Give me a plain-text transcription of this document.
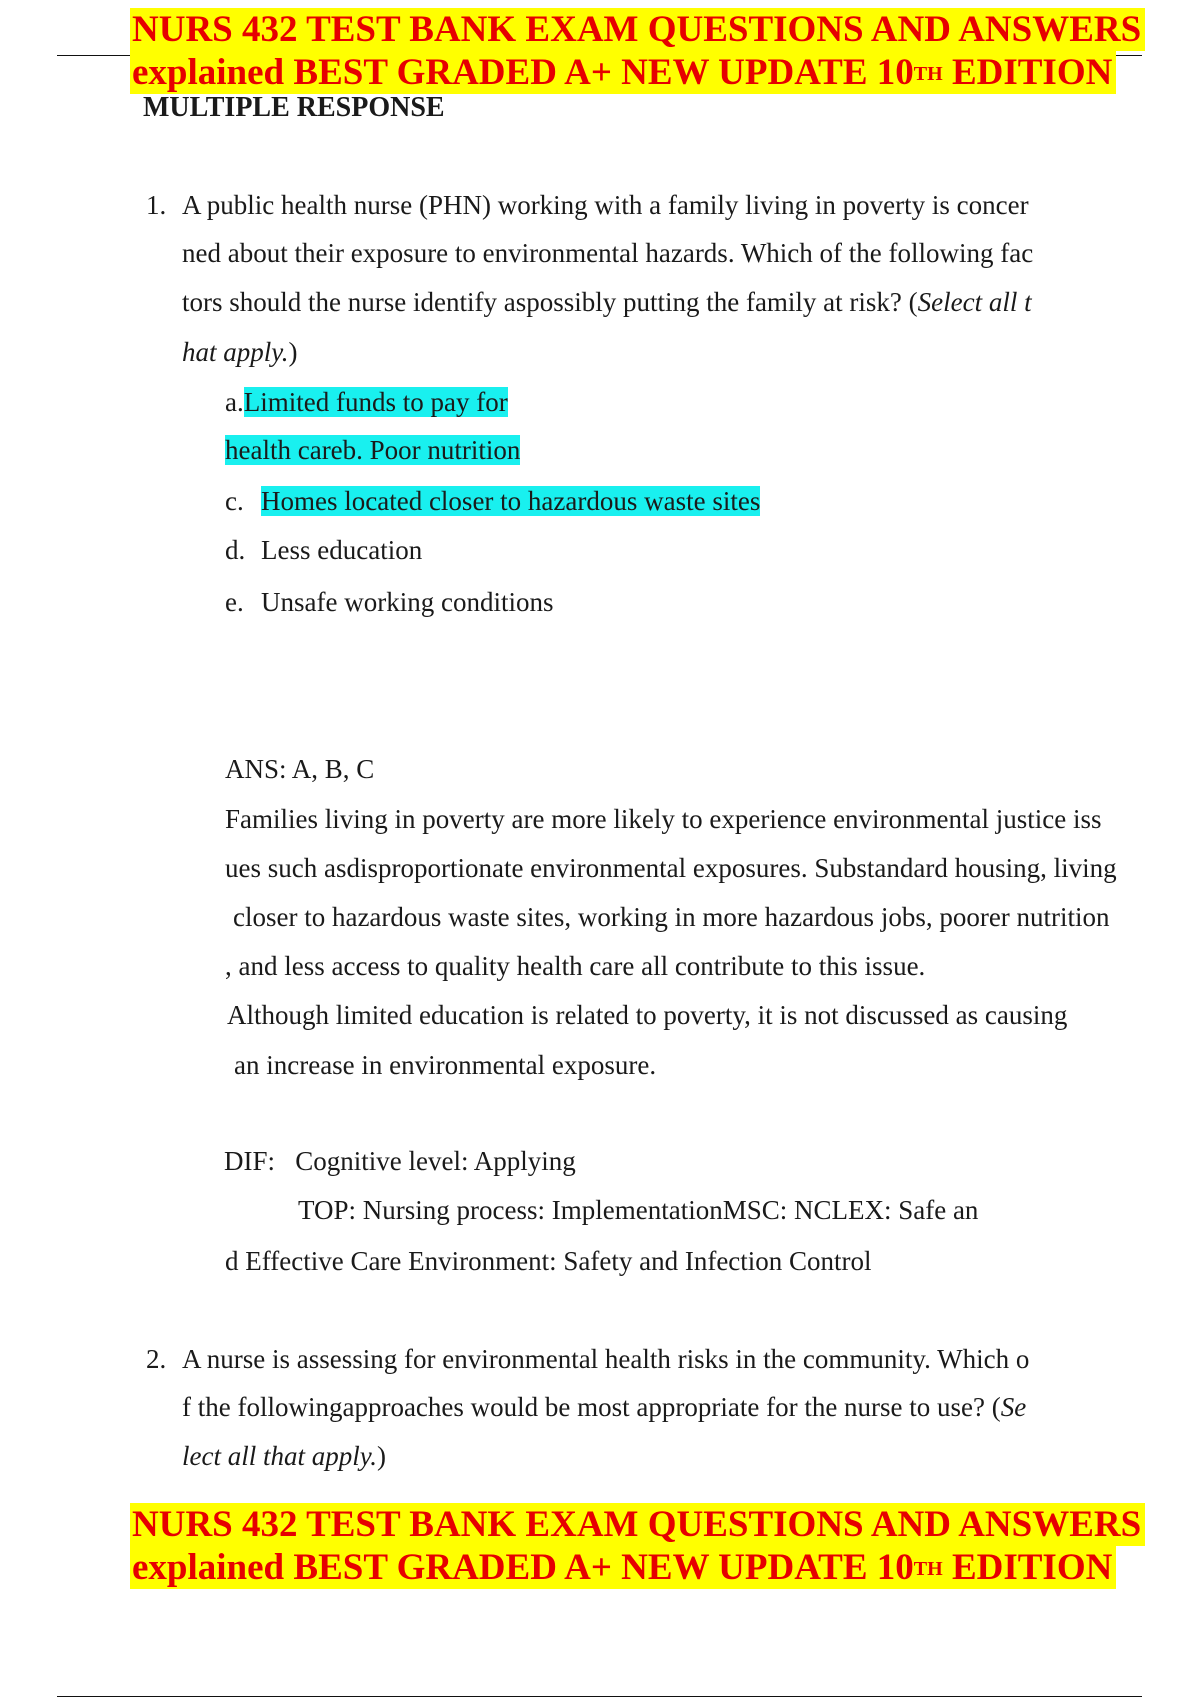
NURS 432 TEST BANK EXAM QUESTIONS AND ANSWERS
explained BEST GRADED A+ NEW UPDATE 10TH EDITION
MULTIPLE RESPONSE
1. A public health nurse (PHN) working with a family living in poverty is concer
ned about their exposure to environmental hazards. Which of the following fac
tors should the nurse identify aspossibly putting the family at risk? (Select all t
hat apply.)
a.Limited funds to pay for
health careb. Poor nutrition
c. Homes located closer to hazardous waste sites
d. Less education
e. Unsafe working conditions
ANS: A, B, C
Families living in poverty are more likely to experience environmental justice iss
ues such asdisproportionate environmental exposures. Substandard housing, living
closer to hazardous waste sites, working in more hazardous jobs, poorer nutrition
, and less access to quality health care all contribute to this issue.
Although limited education is related to poverty, it is not discussed as causing
an increase in environmental exposure.
DIF:   Cognitive level: Applying
TOP: Nursing process: ImplementationMSC: NCLEX: Safe an
d Effective Care Environment: Safety and Infection Control
2. A nurse is assessing for environmental health risks in the community. Which o
f the followingapproaches would be most appropriate for the nurse to use? (Se
lect all that apply.)
NURS 432 TEST BANK EXAM QUESTIONS AND ANSWERS
explained BEST GRADED A+ NEW UPDATE 10TH EDITION
